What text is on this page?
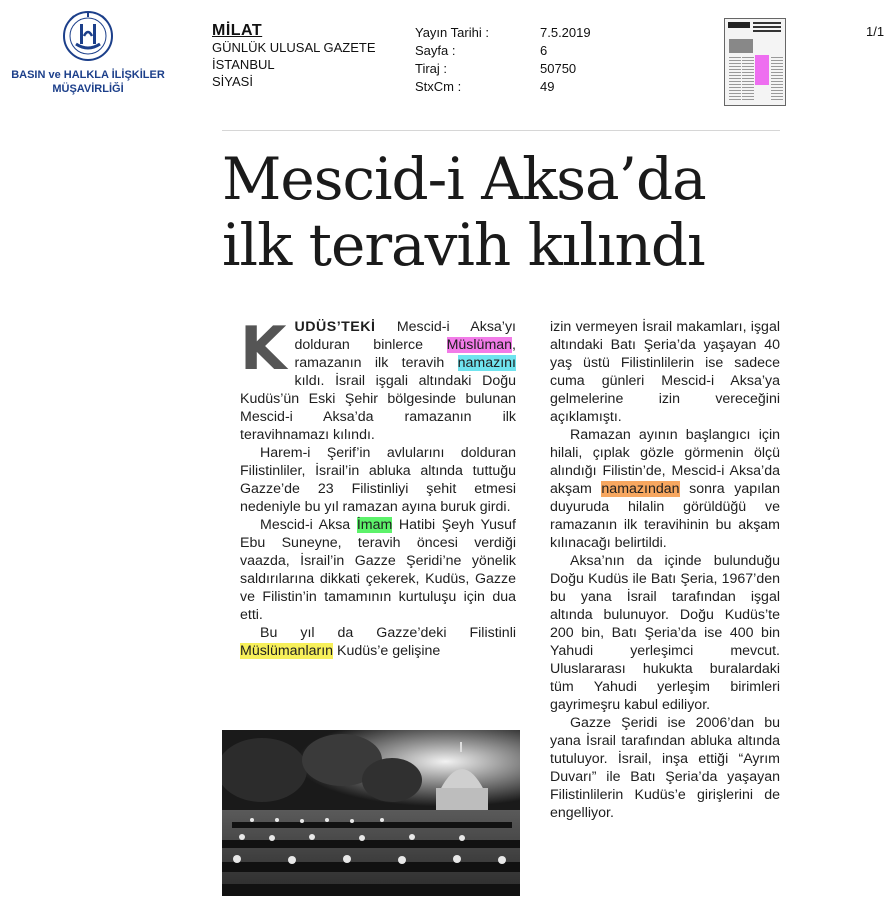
BASIN ve HALKLA İLİŞKİLER
MÜŞAVİRLİĞİ
MİLAT
GÜNLÜK ULUSAL GAZETE
İSTANBUL
SİYASİ
Yayın Tarihi :
Sayfa :
Tiraj :
StxCm :
7.5.2019
6
50750
49
1/1
Mescid-i Aksa’da
ilk teravih kılındı
K UDÜS’TEKİ Mescid-i Aksa’yı dolduran binlerce Müslüman, ramazanın ilk teravih namazını kıldı. İsrail işgali altındaki Doğu Kudüs’ün Eski Şehir bölgesinde bulunan Mescid-i Aksa’da ramazanın ilk teravihnamazı kılındı.

Harem-i Şerif’in avlularını dolduran Filistinliler, İsrail’in abluka altında tuttuğu Gazze’de 23 Filistinliyi şehit etmesi nedeniyle bu yıl ramazan ayına buruk girdi.

Mescid-i Aksa İmam Hatibi Şeyh Yusuf Ebu Suneyne, teravih öncesi verdiği vaazda, İsrail’in Gazze Şeridi’ne yönelik saldırılarına dikkati çekerek, Kudüs, Gazze ve Filistin’in tamamının kurtuluşu için dua etti.

Bu yıl da Gazze’deki Filistinli Müslümanların Kudüs’e gelişine

izin vermeyen İsrail makamları, işgal altındaki Batı Şeria’da yaşayan 40 yaş üstü Filistinlilerin ise sadece cuma günleri Mescid-i Aksa’ya gelmelerine izin vereceğini açıklamıştı.

Ramazan ayının başlangıcı için hilali, çıplak gözle görmenin ölçü alındığı Filistin’de, Mescid-i Aksa’da akşam namazından sonra yapılan duyuruda hilalin görüldüğü ve ramazanın ilk teravihinin bu akşam kılınacağı belirtildi.

Aksa’nın da içinde bulunduğu Doğu Kudüs ile Batı Şeria, 1967’den bu yana İsrail tarafından işgal altında bulunuyor. Doğu Kudüs’te 200 bin, Batı Şeria’da ise 400 bin Yahudi yerleşimci mevcut. Uluslararası hukukta buralardaki tüm Yahudi yerleşim birimleri gayrimeşru kabul ediliyor.

Gazze Şeridi ise 2006’dan bu yana İsrail tarafından abluka altında tutuluyor. İsrail, inşa ettiği “Ayrım Duvarı” ile Batı Şeria’da yaşayan Filistinlilerin Kudüs’e girişlerini de engelliyor.
